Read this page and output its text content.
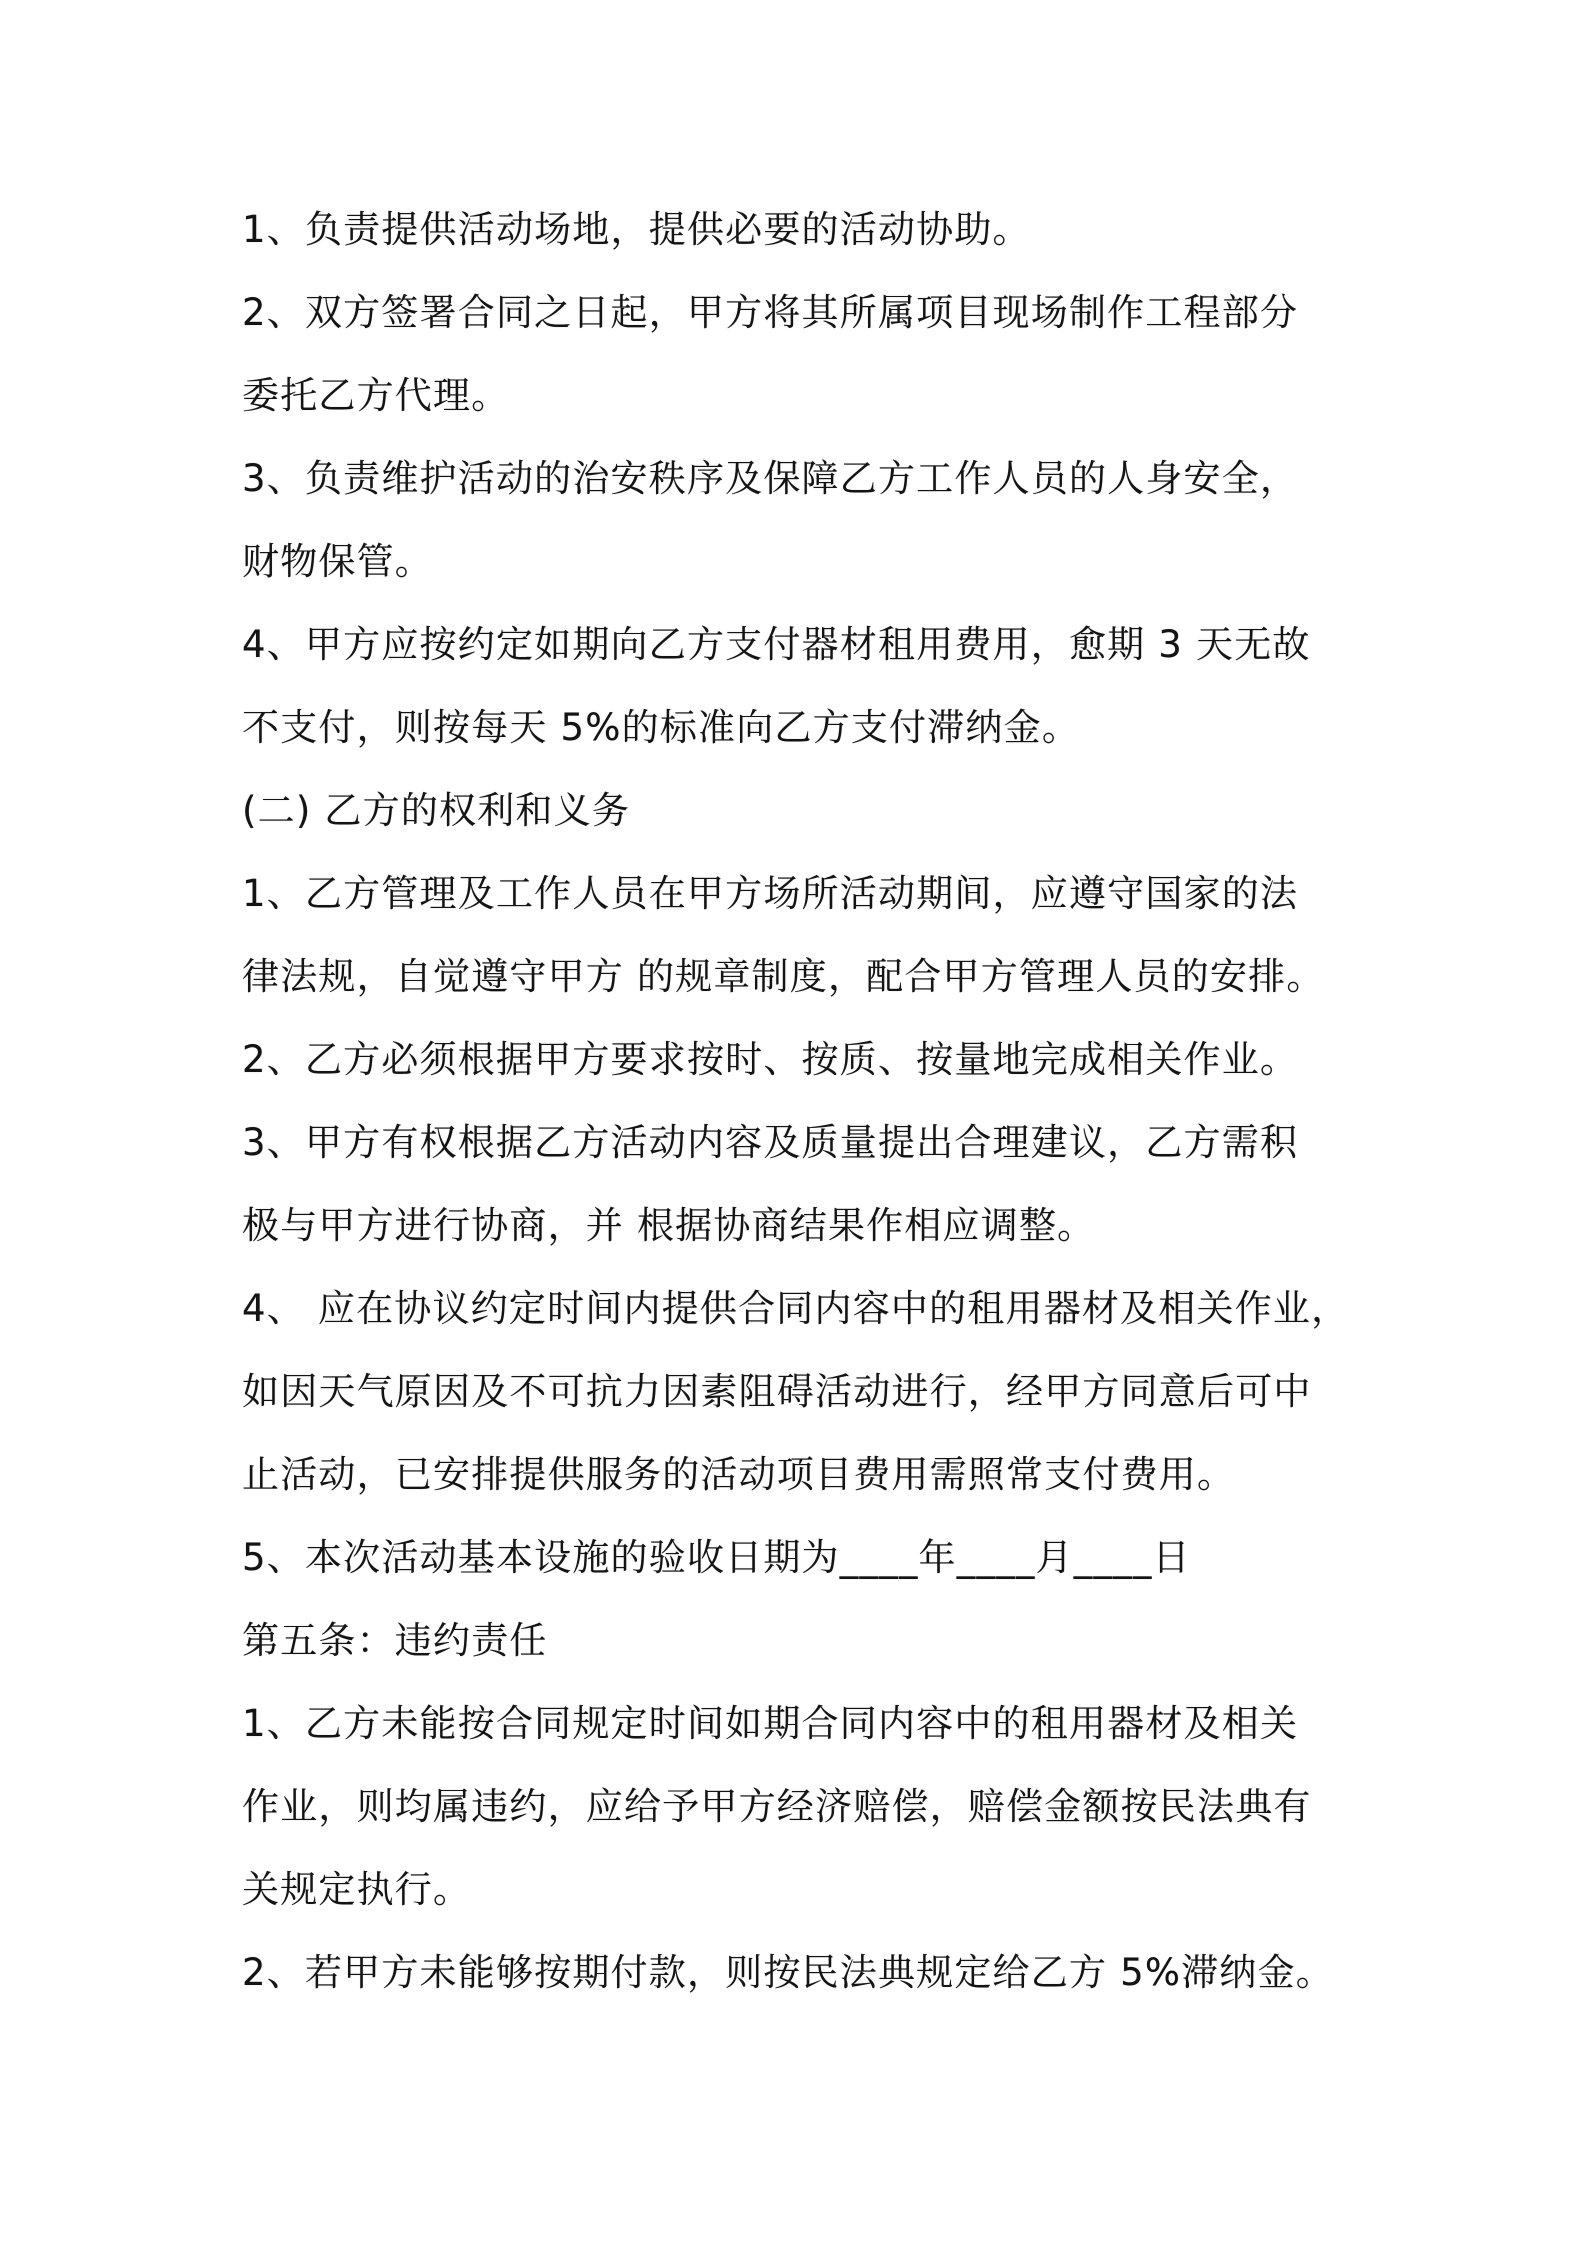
1、负责提供活动场地，提供必要的活动协助。
2、双方签署合同之日起，甲方将其所属项目现场制作工程部分
委托乙方代理。
3、负责维护活动的治安秩序及保障乙方工作人员的人身安全，
财物保管。
4、甲方应按约定如期向乙方支付器材租用费用，愈期 3 天无故
不支付，则按每天 5%的标准向乙方支付滞纳金。
(二) 乙方的权利和义务
1、乙方管理及工作人员在甲方场所活动期间，应遵守国家的法
律法规，自觉遵守甲方 的规章制度，配合甲方管理人员的安排。
2、乙方必须根据甲方要求按时、按质、按量地完成相关作业。
3、甲方有权根据乙方活动内容及质量提出合理建议，乙方需积
极与甲方进行协商，并 根据协商结果作相应调整。
4、 应在协议约定时间内提供合同内容中的租用器材及相关作业，
如因天气原因及不可抗力因素阻碍活动进行，经甲方同意后可中
止活动，已安排提供服务的活动项目费用需照常支付费用。
5、本次活动基本设施的验收日期为____年____月____日
第五条：违约责任
1、乙方未能按合同规定时间如期合同内容中的租用器材及相关
作业，则均属违约，应给予甲方经济赔偿，赔偿金额按民法典有
关规定执行。
2、若甲方未能够按期付款，则按民法典规定给乙方 5%滞纳金。
